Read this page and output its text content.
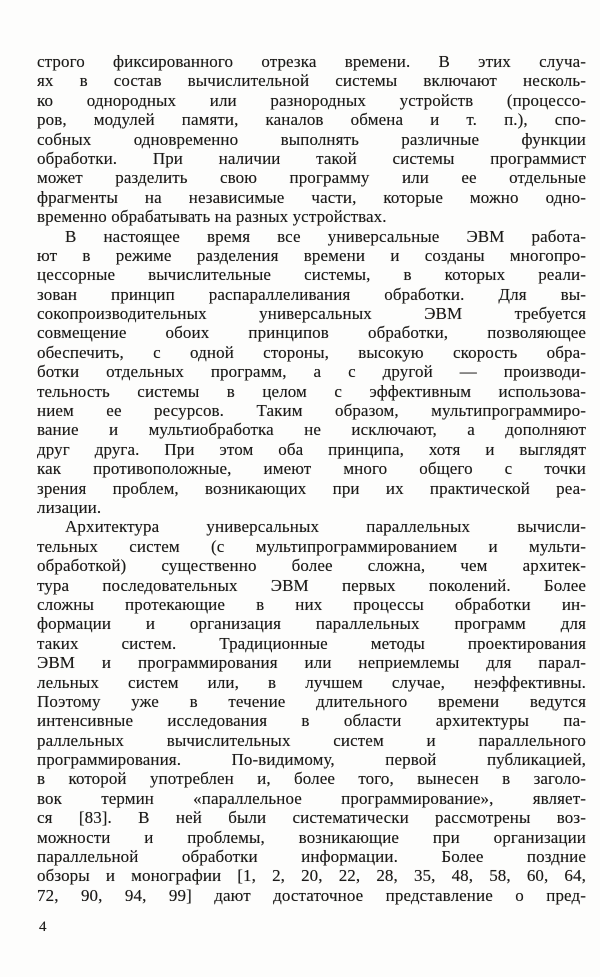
строго фиксированного отрезка времени. В этих случа-
ях в состав вычислительной системы включают несколь-
ко однородных или разнородных устройств (процессо-
ров, модулей памяти, каналов обмена и т. п.), спо-
собных одновременно выполнять различные функции
обработки. При наличии такой системы программист
может разделить свою программу или ее отдельные
фрагменты на независимые части, которые можно одно-
временно обрабатывать на разных устройствах.
В настоящее время все универсальные ЭВМ работа-
ют в режиме разделения времени и созданы многопро-
цессорные вычислительные системы, в которых реали-
зован принцип распараллеливания обработки. Для вы-
сокопроизводительных универсальных ЭВМ требуется
совмещение обоих принципов обработки, позволяющее
обеспечить, с одной стороны, высокую скорость обра-
ботки отдельных программ, а с другой — производи-
тельность системы в целом с эффективным использова-
нием ее ресурсов. Таким образом, мультипрограммиро-
вание и мультиобработка не исключают, а дополняют
друг друга. При этом оба принципа, хотя и выглядят
как противоположные, имеют много общего с точки
зрения проблем, возникающих при их практической реа-
лизации.
Архитектура универсальных параллельных вычисли-
тельных систем (с мультипрограммированием и мульти-
обработкой) существенно более сложна, чем архитек-
тура последовательных ЭВМ первых поколений. Более
сложны протекающие в них процессы обработки ин-
формации и организация параллельных программ для
таких систем. Традиционные методы проектирования
ЭВМ и программирования или неприемлемы для парал-
лельных систем или, в лучшем случае, неэффективны.
Поэтому уже в течение длительного времени ведутся
интенсивные исследования в области архитектуры па-
раллельных вычислительных систем и параллельного
программирования. По-видимому, первой публикацией,
в которой употреблен и, более того, вынесен в заголо-
вок термин «параллельное программирование», являет-
ся [83]. В ней были систематически рассмотрены воз-
можности и проблемы, возникающие при организации
параллельной обработки информации. Более поздние
обзоры и монографии [1, 2, 20, 22, 28, 35, 48, 58, 60, 64,
72, 90, 94, 99] дают достаточное представление о пред-
4
